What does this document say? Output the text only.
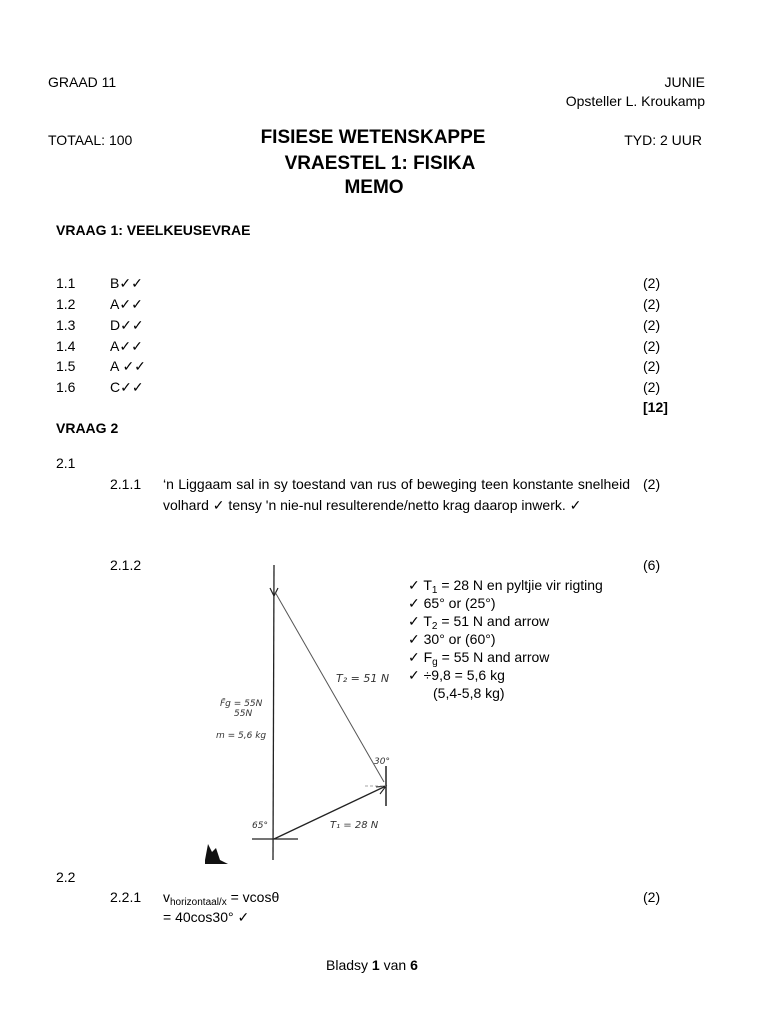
GRAAD 11	JUNIE
Opsteller L. Kroukamp
TOTAAL: 100	TYD: 2 UUR
FISIESE WETENSKAPPE
VRAESTEL 1: FISIKA
MEMO
VRAAG 1: VEELKEUSEVRAE
1.1 B✓✓	(2)
1.2 A✓✓	(2)
1.3 D✓✓	(2)
1.4 A✓✓	(2)
1.5 A ✓✓	(2)
1.6 C✓✓	(2)
[12]
VRAAG 2
2.1
2.1.1 ‘n Liggaam sal in sy toestand van rus of beweging teen konstante snelheid volhard ✓ tensy 'n nie-nul resulterende/netto krag daarop inwerk. ✓
(2)
2.1.2	(6)
T₂ = 51 N
T₁ = 28 N
F̄g = 55N
55N
m = 5,6 kg
65°
30°
✓ $T_1 = 28$ N en pyltjie vir rigting
✓ 65° or (25°)
✓ $T_2 = 51$ N and arrow
✓ 30° or (60°)
✓ $F_g = 55$ N and arrow
✓ ÷9,8 = 5,6 kg
(5,4-5,8 kg)
2.2
2.2.1 $v_{horizontaal/x} = vcos\theta$
= 40cos30° ✓
(2)
Bladsy 1 van 6
